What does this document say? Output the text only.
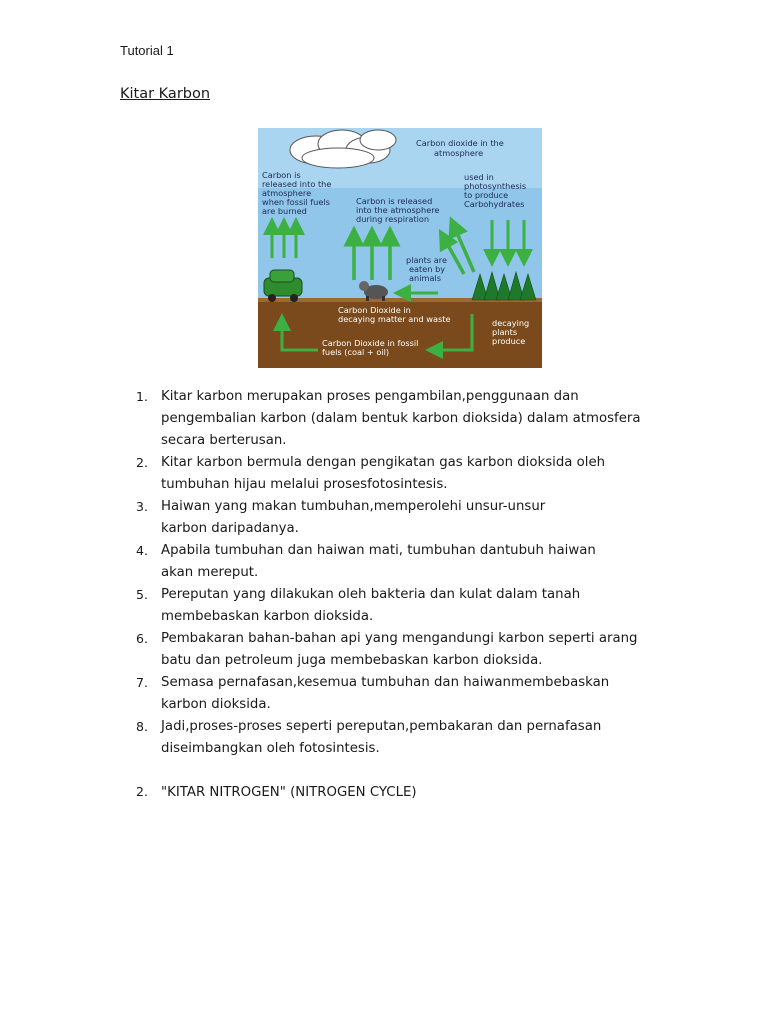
Tutorial 1
Kitar Karbon
Carbon dioxide in the atmosphere
Carbon is released into the atmosphere when fossil fuels are burned
Carbon is released into the atmosphere during respiration
used in photosynthesis to produce Carbohydrates
plants are eaten by animals
Carbon Dioxide in decaying matter and waste	decaying plants produce
Carbon Dioxide in fossil fuels (coal + oil)
1. Kitar karbon merupakan proses pengambilan,penggunaan dan
pengembalian karbon (dalam bentuk karbon dioksida) dalam atmosfera
secara berterusan.
2. Kitar karbon bermula dengan pengikatan gas karbon dioksida oleh
tumbuhan hijau melalui prosesfotosintesis.
3. Haiwan yang makan tumbuhan,memperolehi unsur-unsur
karbon daripadanya.
4. Apabila tumbuhan dan haiwan mati, tumbuhan dantubuh haiwan
akan mereput.
5. Pereputan yang dilakukan oleh bakteria dan kulat dalam tanah
membebaskan karbon dioksida.
6. Pembakaran bahan-bahan api yang mengandungi karbon seperti arang
batu dan petroleum juga membebaskan karbon dioksida.
7. Semasa pernafasan,kesemua tumbuhan dan haiwanmembebaskan
karbon dioksida.
8. Jadi,proses-proses seperti pereputan,pembakaran dan pernafasan
diseimbangkan oleh fotosintesis.
2. "KITAR NITROGEN" (NITROGEN CYCLE)
